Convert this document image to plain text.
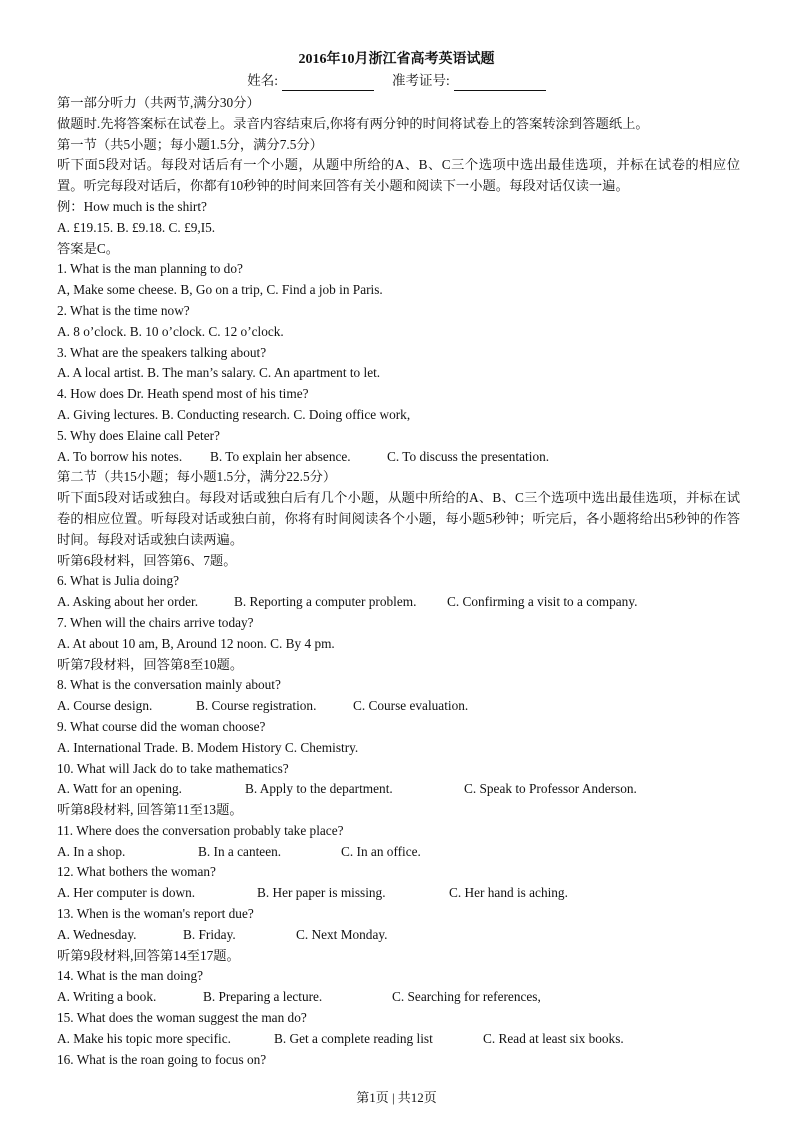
2016年10月浙江省高考英语试题
姓名:	准考证号:
第一部分听力（共两节,满分30分）
做题时.先将答案标在试卷上。录音内容结束后,你将有两分钟的时间将试卷上的答案转涂到答题纸上。
第一节（共5小题；每小题1.5分，满分7.5分）
听下面5段对话。每段对话后有一个小题，从题中所给的A、B、C三个选项中选出最佳选项，并标在试卷的相应位置。听完每段对话后，你都有10秒钟的时间来回答有关小题和阅读下一小题。每段对话仅读一遍。
例：How much is the shirt?
A. £19.15. B. £9.18. C. £9,I5.
答案是C。
1. What is the man planning to do?
A, Make some cheese. B, Go on a trip, C. Find a job in Paris.
2. What is the time now?
A. 8 o’clock. B. 10 o’clock. C. 12 o’clock.
3. What are the speakers talking about?
A. A local artist. B. The man’s salary. C. An apartment to let.
4. How does Dr. Heath spend most of his time?
A. Giving lectures. B. Conducting research. C. Doing office work,
5. Why does Elaine call Peter?
A. To borrow his notes. B. To explain her absence.	C. To discuss the presentation.
第二节（共15小题；每小题1.5分，满分22.5分）
听下面5段对话或独白。每段对话或独白后有几个小题，从题中所给的A、B、C三个选项中选出最佳选项，并标在试卷的相应位置。听每段对话或独白前，你将有时间阅读各个小题，每小题5秒钟；听完后，各小题将给出5秒钟的作答时间。每段对话或独白读两遍。
听第6段材料，回答第6、7题。
6. What is Julia doing?
A. Asking about her order.	B. Reporting a computer problem. C. Confirming a visit to a company.
7. When will the chairs arrive today?
A. At about 10 am, B, Around 12 noon. C. By 4 pm.
听第7段材料，回答第8至10题。
8. What is the conversation mainly about?
A. Course design.	B. Course registration.	C. Course evaluation.
9. What course did the woman choose?
A. International Trade. B. Modem History C. Chemistry.
10. What will Jack do to take mathematics?
A. Watt for an opening.	B. Apply to the department.	C. Speak to Professor Anderson.
听第8段材料, 回答第11至13题。
11. Where does the conversation probably take place?
A. In a shop.	B. In a canteen.	C. In an office.
12. What bothers the woman?
A. Her computer is down.	B. Her paper is missing.	C. Her hand is aching.
13. When is the woman's report due?
A. Wednesday.	B. Friday.	C. Next Monday.
听第9段材料,回答第14至17题。
14. What is the man doing?
A. Writing a book.	B. Preparing a lecture.	C. Searching for references,
15. What does the woman suggest the man do?
A. Make his topic more specific.	B. Get a complete reading list	C. Read at least six books.
16. What is the roan going to focus on?
第1页 | 共12页
